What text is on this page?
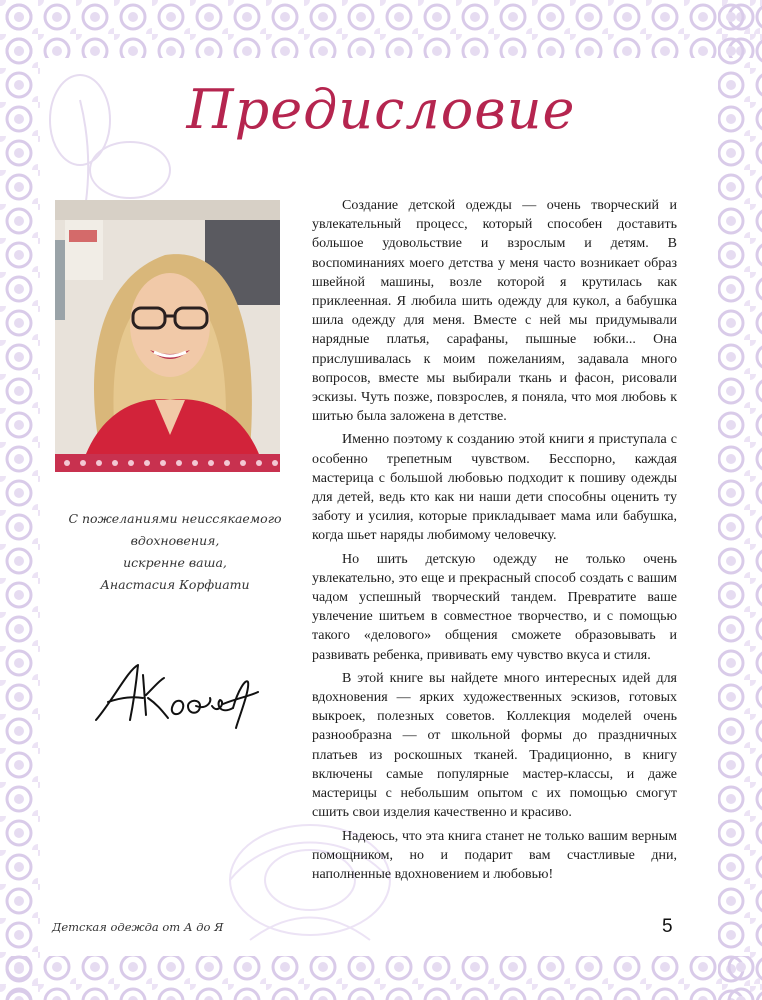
Предисловие
С пожеланиями неиссякаемого
вдохновения,
искренне ваша,
Анастасия Корфиати

Создание детской одежды — очень творческий и увлекательный процесс, который способен доставить большое удовольствие и взрослым и детям. В воспоминаниях моего детства у меня часто возникает образ швейной машины, возле которой я крутилась как приклеенная. Я любила шить одежду для кукол, а бабушка шила одежду для меня. Вместе с ней мы придумывали нарядные платья, сарафаны, пышные юбки... Она прислушивалась к моим пожеланиям, задавала много вопросов, вместе мы выбирали ткань и фасон, рисовали эскизы. Чуть позже, повзрослев, я поняла, что моя любовь к шитью была заложена в детстве.

Именно поэтому к созданию этой книги я приступала с особенно трепетным чувством. Бесспорно, каждая мастерица с большой любовью подходит к пошиву одежды для детей, ведь кто как ни наши дети способны оценить ту заботу и усилия, которые прикладывает мама или бабушка, когда шьет наряды любимому человечку.

Но шить детскую одежду не только очень увлекательно, это еще и прекрасный способ создать с вашим чадом успешный творческий тандем. Превратите ваше увлечение шитьем в совместное творчество, и с помощью такого «делового» общения сможете образовывать и развивать ребенка, прививать ему чувство вкуса и стиля.

В этой книге вы найдете много интересных идей для вдохновения — ярких художественных эскизов, готовых выкроек, полезных советов. Коллекция моделей очень разнообразна — от школьной формы до праздничных платьев из роскошных тканей. Традиционно, в книгу включены самые популярные мастер-классы, и даже мастерицы с небольшим опытом с их помощью смогут сшить свои изделия качественно и красиво.

Надеюсь, что эта книга станет не только вашим верным помощником, но и подарит вам счастливые дни, наполненные вдохновением и любовью!

Детская одежда от А до Я	5
